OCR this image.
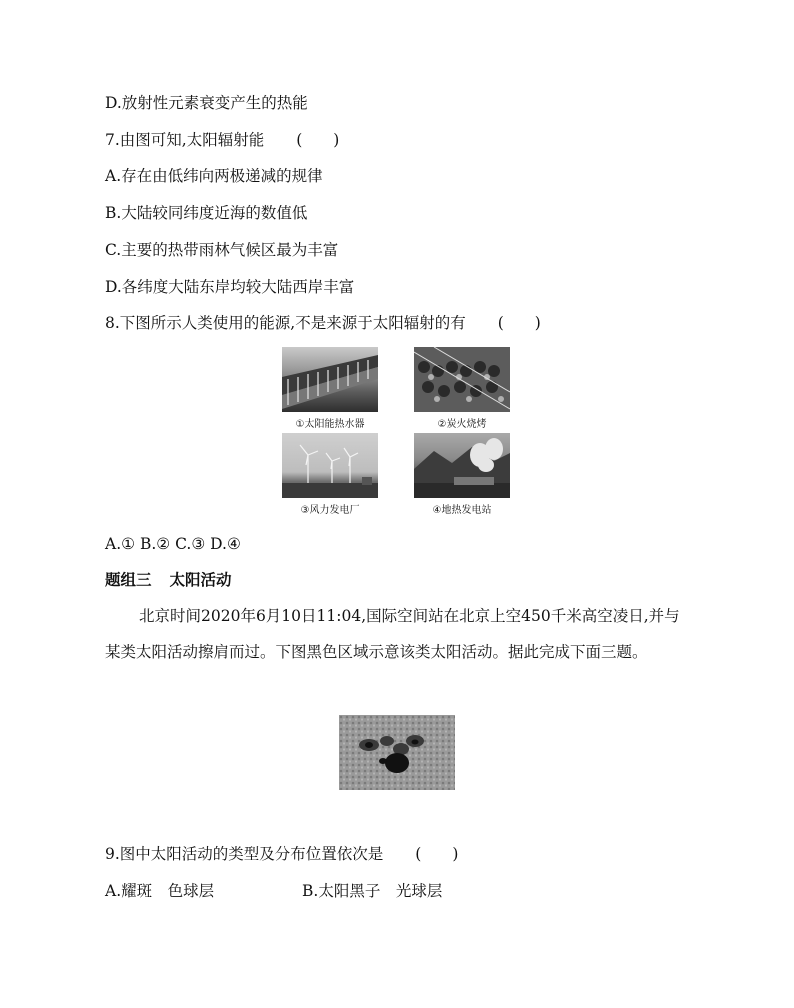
D.放射性元素衰变产生的热能
7.由图可知,太阳辐射能 (　　)
A.存在由低纬向两极递减的规律
B.大陆较同纬度近海的数值低
C.主要的热带雨林气候区最为丰富
D.各纬度大陆东岸均较大陆西岸丰富
8.下图所示人类使用的能源,不是来源于太阳辐射的有 (　　)
①太阳能热水器	②炭火烧烤
③风力发电厂	④地热发电站
A.① B.② C.③ D.④
题组三 太阳活动
北京时间2020年6月10日11:04,国际空间站在北京上空450千米高空凌日,并与某类太阳活动擦肩而过。下图黑色区域示意该类太阳活动。据此完成下面三题。
9.图中太阳活动的类型及分布位置依次是 (　　)
A.耀斑　色球层	B.太阳黑子　光球层
